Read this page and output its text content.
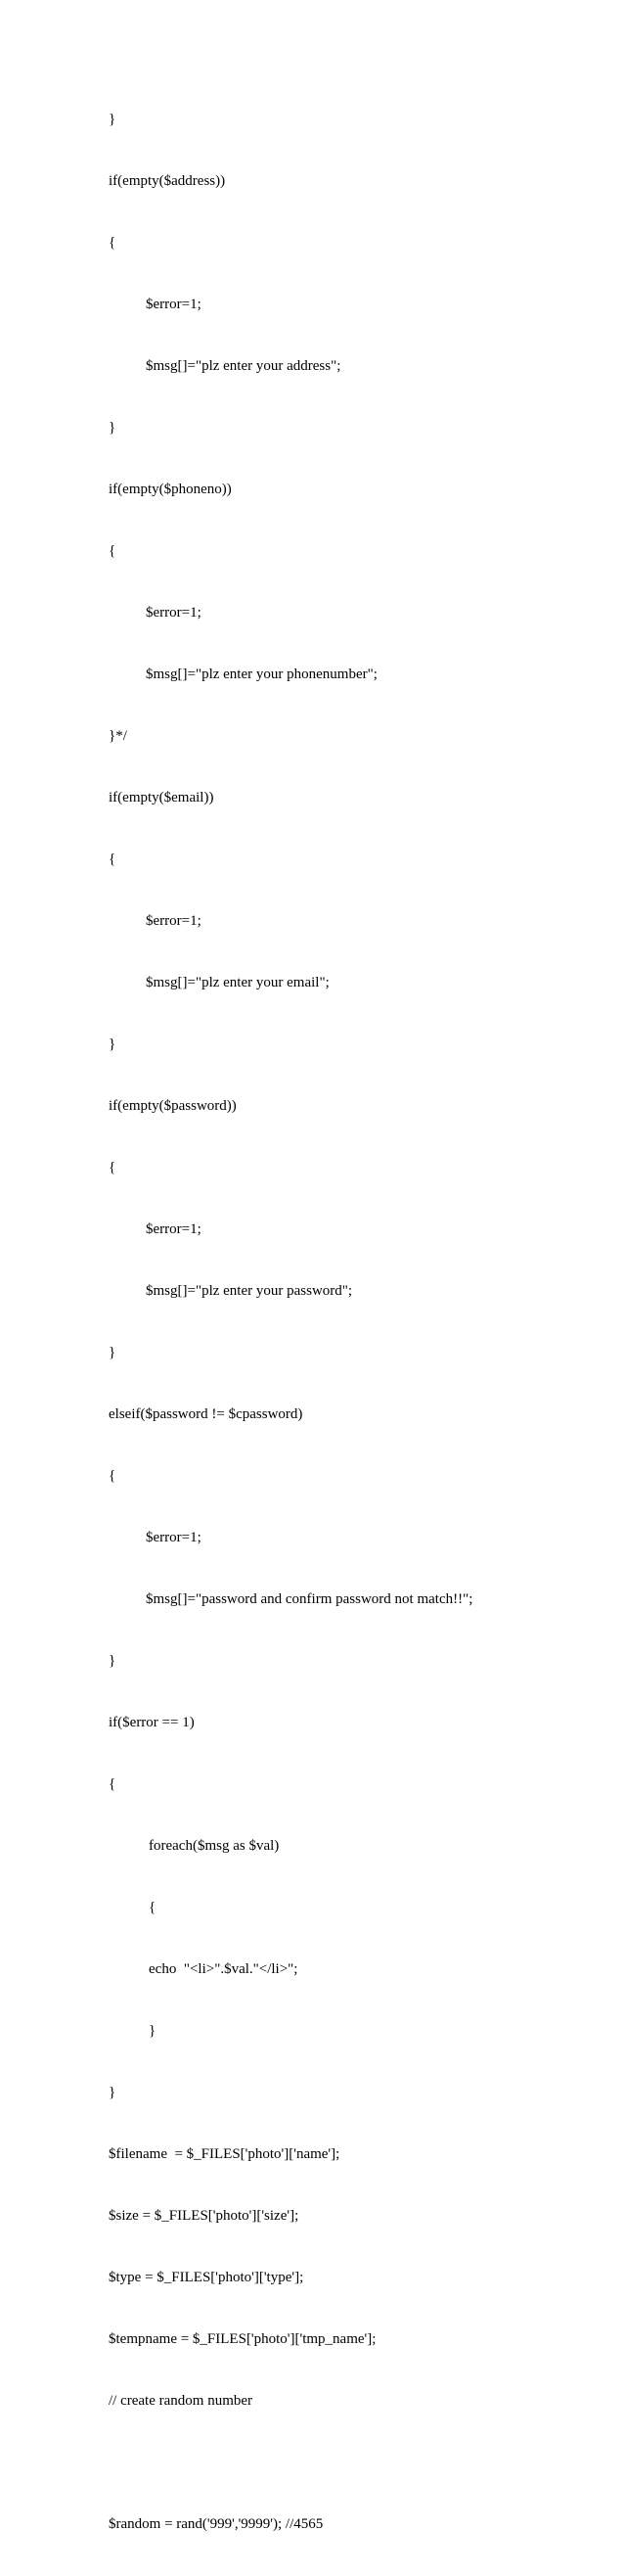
}

if(empty($address))

{

$error=1;

$msg[]="plz enter your address";

}

if(empty($phoneno))

{

$error=1;

$msg[]="plz enter your phonenumber";

}*/

if(empty($email))

{

$error=1;

$msg[]="plz enter your email";

}

if(empty($password))

{

$error=1;

$msg[]="plz enter your password";

}

elseif($password != $cpassword)

{

$error=1;

$msg[]="password and confirm password not match!!";

}

if($error == 1)

{

foreach($msg as $val)

{

echo  "<li>".$val."</li>";

}

}

$filename  = $_FILES['photo']['name'];

$size = $_FILES['photo']['size'];

$type = $_FILES['photo']['type'];

$tempname = $_FILES['photo']['tmp_name'];

// create random number

$random = rand('999','9999'); //4565
